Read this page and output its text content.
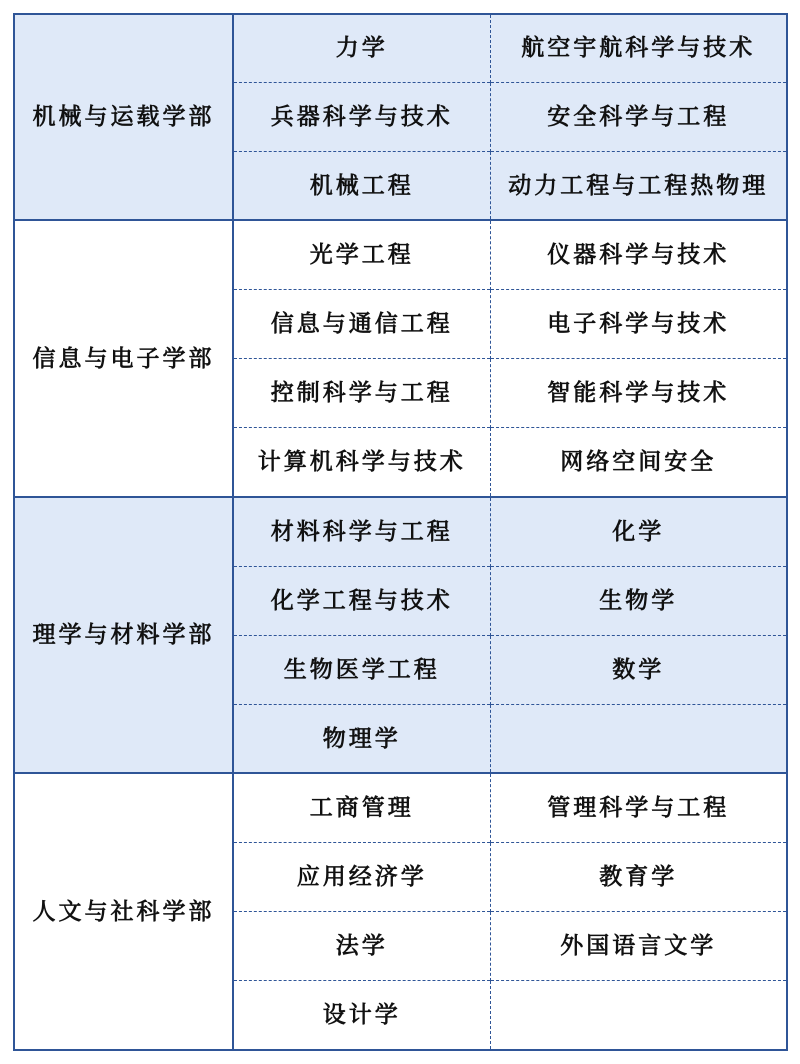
机械与运载学部	力学	航空宇航科学与技术
	兵器科学与技术	安全科学与工程
	机械工程	动力工程与工程热物理
信息与电子学部	光学工程	仪器科学与技术
	信息与通信工程	电子科学与技术
	控制科学与工程	智能科学与技术
	计算机科学与技术	网络空间安全
理学与材料学部	材料科学与工程	化学
	化学工程与技术	生物学
	生物医学工程	数学
	物理学	
人文与社科学部	工商管理	管理科学与工程
	应用经济学	教育学
	法学	外国语言文学
	设计学	
